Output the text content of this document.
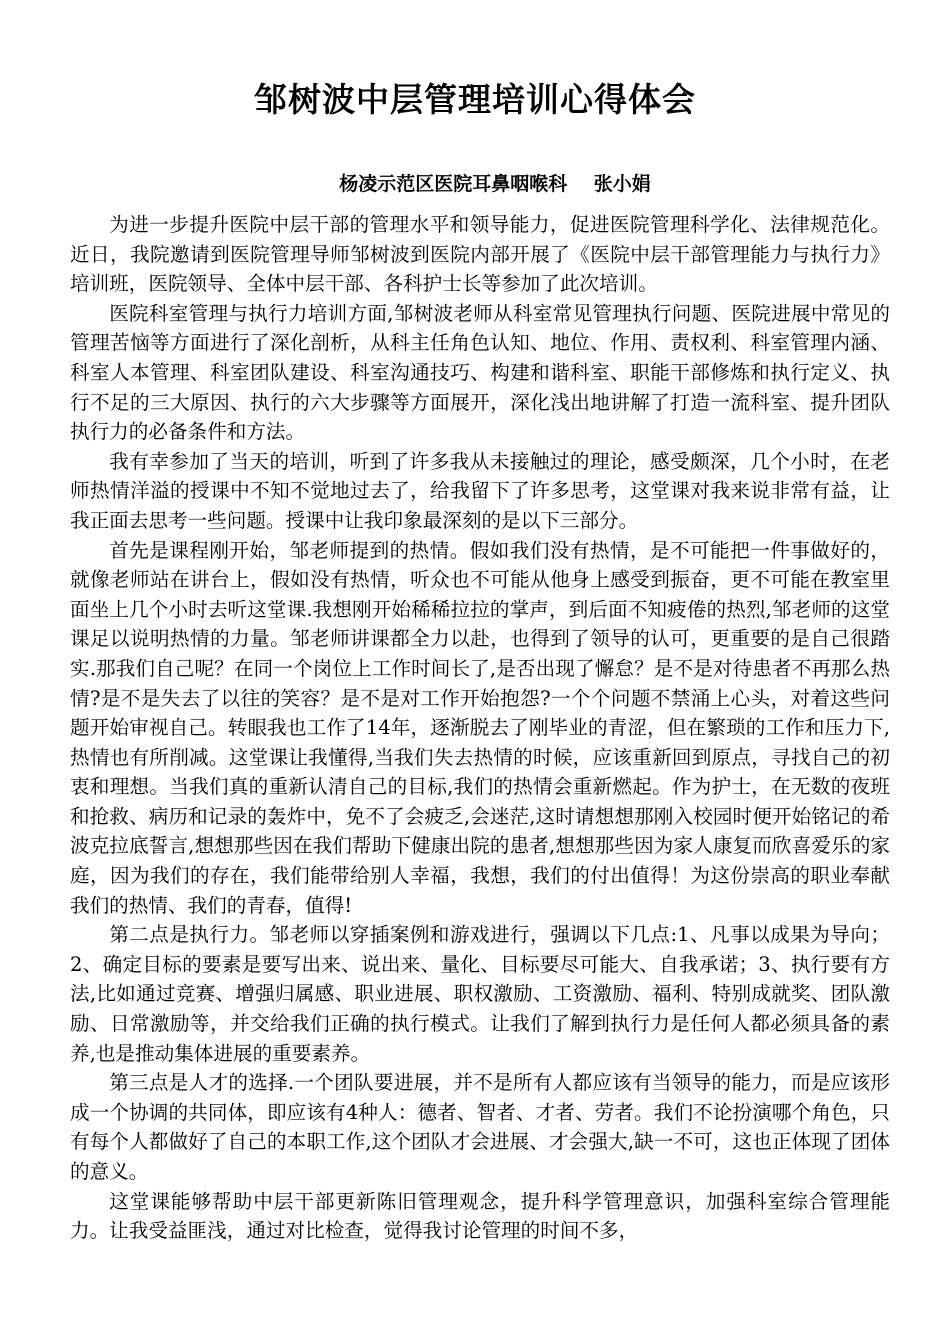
邹树波中层管理培训心得体会

杨凌示范区医院耳鼻咽喉科    张小娟

为进一步提升医院中层干部的管理水平和领导能力，促进医院管理科学化、法律规范化。近日，我院邀请到医院管理导师邹树波到医院内部开展了《医院中层干部管理能力与执行力》培训班，医院领导、全体中层干部、各科护士长等参加了此次培训。

医院科室管理与执行力培训方面,邹树波老师从科室常见管理执行问题、医院进展中常见的管理苦恼等方面进行了深化剖析，从科主任角色认知、地位、作用、责权利、科室管理内涵、科室人本管理、科室团队建设、科室沟通技巧、构建和谐科室、职能干部修炼和执行定义、执行不足的三大原因、执行的六大步骤等方面展开，深化浅出地讲解了打造一流科室、提升团队执行力的必备条件和方法。

我有幸参加了当天的培训，听到了许多我从未接触过的理论，感受颇深，几个小时，在老师热情洋溢的授课中不知不觉地过去了，给我留下了许多思考，这堂课对我来说非常有益，让我正面去思考一些问题。授课中让我印象最深刻的是以下三部分。

首先是课程刚开始，邹老师提到的热情。假如我们没有热情，是不可能把一件事做好的，就像老师站在讲台上，假如没有热情，听众也不可能从他身上感受到振奋，更不可能在教室里面坐上几个小时去听这堂课.我想刚开始稀稀拉拉的掌声，到后面不知疲倦的热烈,邹老师的这堂课足以说明热情的力量。邹老师讲课都全力以赴，也得到了领导的认可，更重要的是自己很踏实.那我们自己呢？在同一个岗位上工作时间长了,是否出现了懈怠？是不是对待患者不再那么热情?是不是失去了以往的笑容？是不是对工作开始抱怨?一个个问题不禁涌上心头，对着这些问题开始审视自己。转眼我也工作了14年，逐渐脱去了刚毕业的青涩，但在繁琐的工作和压力下,热情也有所削减。这堂课让我懂得,当我们失去热情的时候，应该重新回到原点，寻找自己的初衷和理想。当我们真的重新认清自己的目标,我们的热情会重新燃起。作为护士，在无数的夜班和抢救、病历和记录的轰炸中，免不了会疲乏,会迷茫,这时请想想那刚入校园时便开始铭记的希波克拉底誓言,想想那些因在我们帮助下健康出院的患者,想想那些因为家人康复而欣喜爱乐的家庭，因为我们的存在，我们能带给别人幸福，我想，我们的付出值得！为这份崇高的职业奉献我们的热情、我们的青春，值得!

第二点是执行力。邹老师以穿插案例和游戏进行，强调以下几点:1、凡事以成果为导向；2、确定目标的要素是要写出来、说出来、量化、目标要尽可能大、自我承诺；3、执行要有方法,比如通过竞赛、增强归属感、职业进展、职权激励、工资激励、福利、特别成就奖、团队激励、日常激励等，并交给我们正确的执行模式。让我们了解到执行力是任何人都必须具备的素养,也是推动集体进展的重要素养。

第三点是人才的选择.一个团队要进展，并不是所有人都应该有当领导的能力，而是应该形成一个协调的共同体，即应该有4种人：德者、智者、才者、劳者。我们不论扮演哪个角色，只有每个人都做好了自己的本职工作,这个团队才会进展、才会强大,缺一不可，这也正体现了团体的意义。

这堂课能够帮助中层干部更新陈旧管理观念，提升科学管理意识，加强科室综合管理能力。让我受益匪浅，通过对比检查，觉得我讨论管理的时间不多，
